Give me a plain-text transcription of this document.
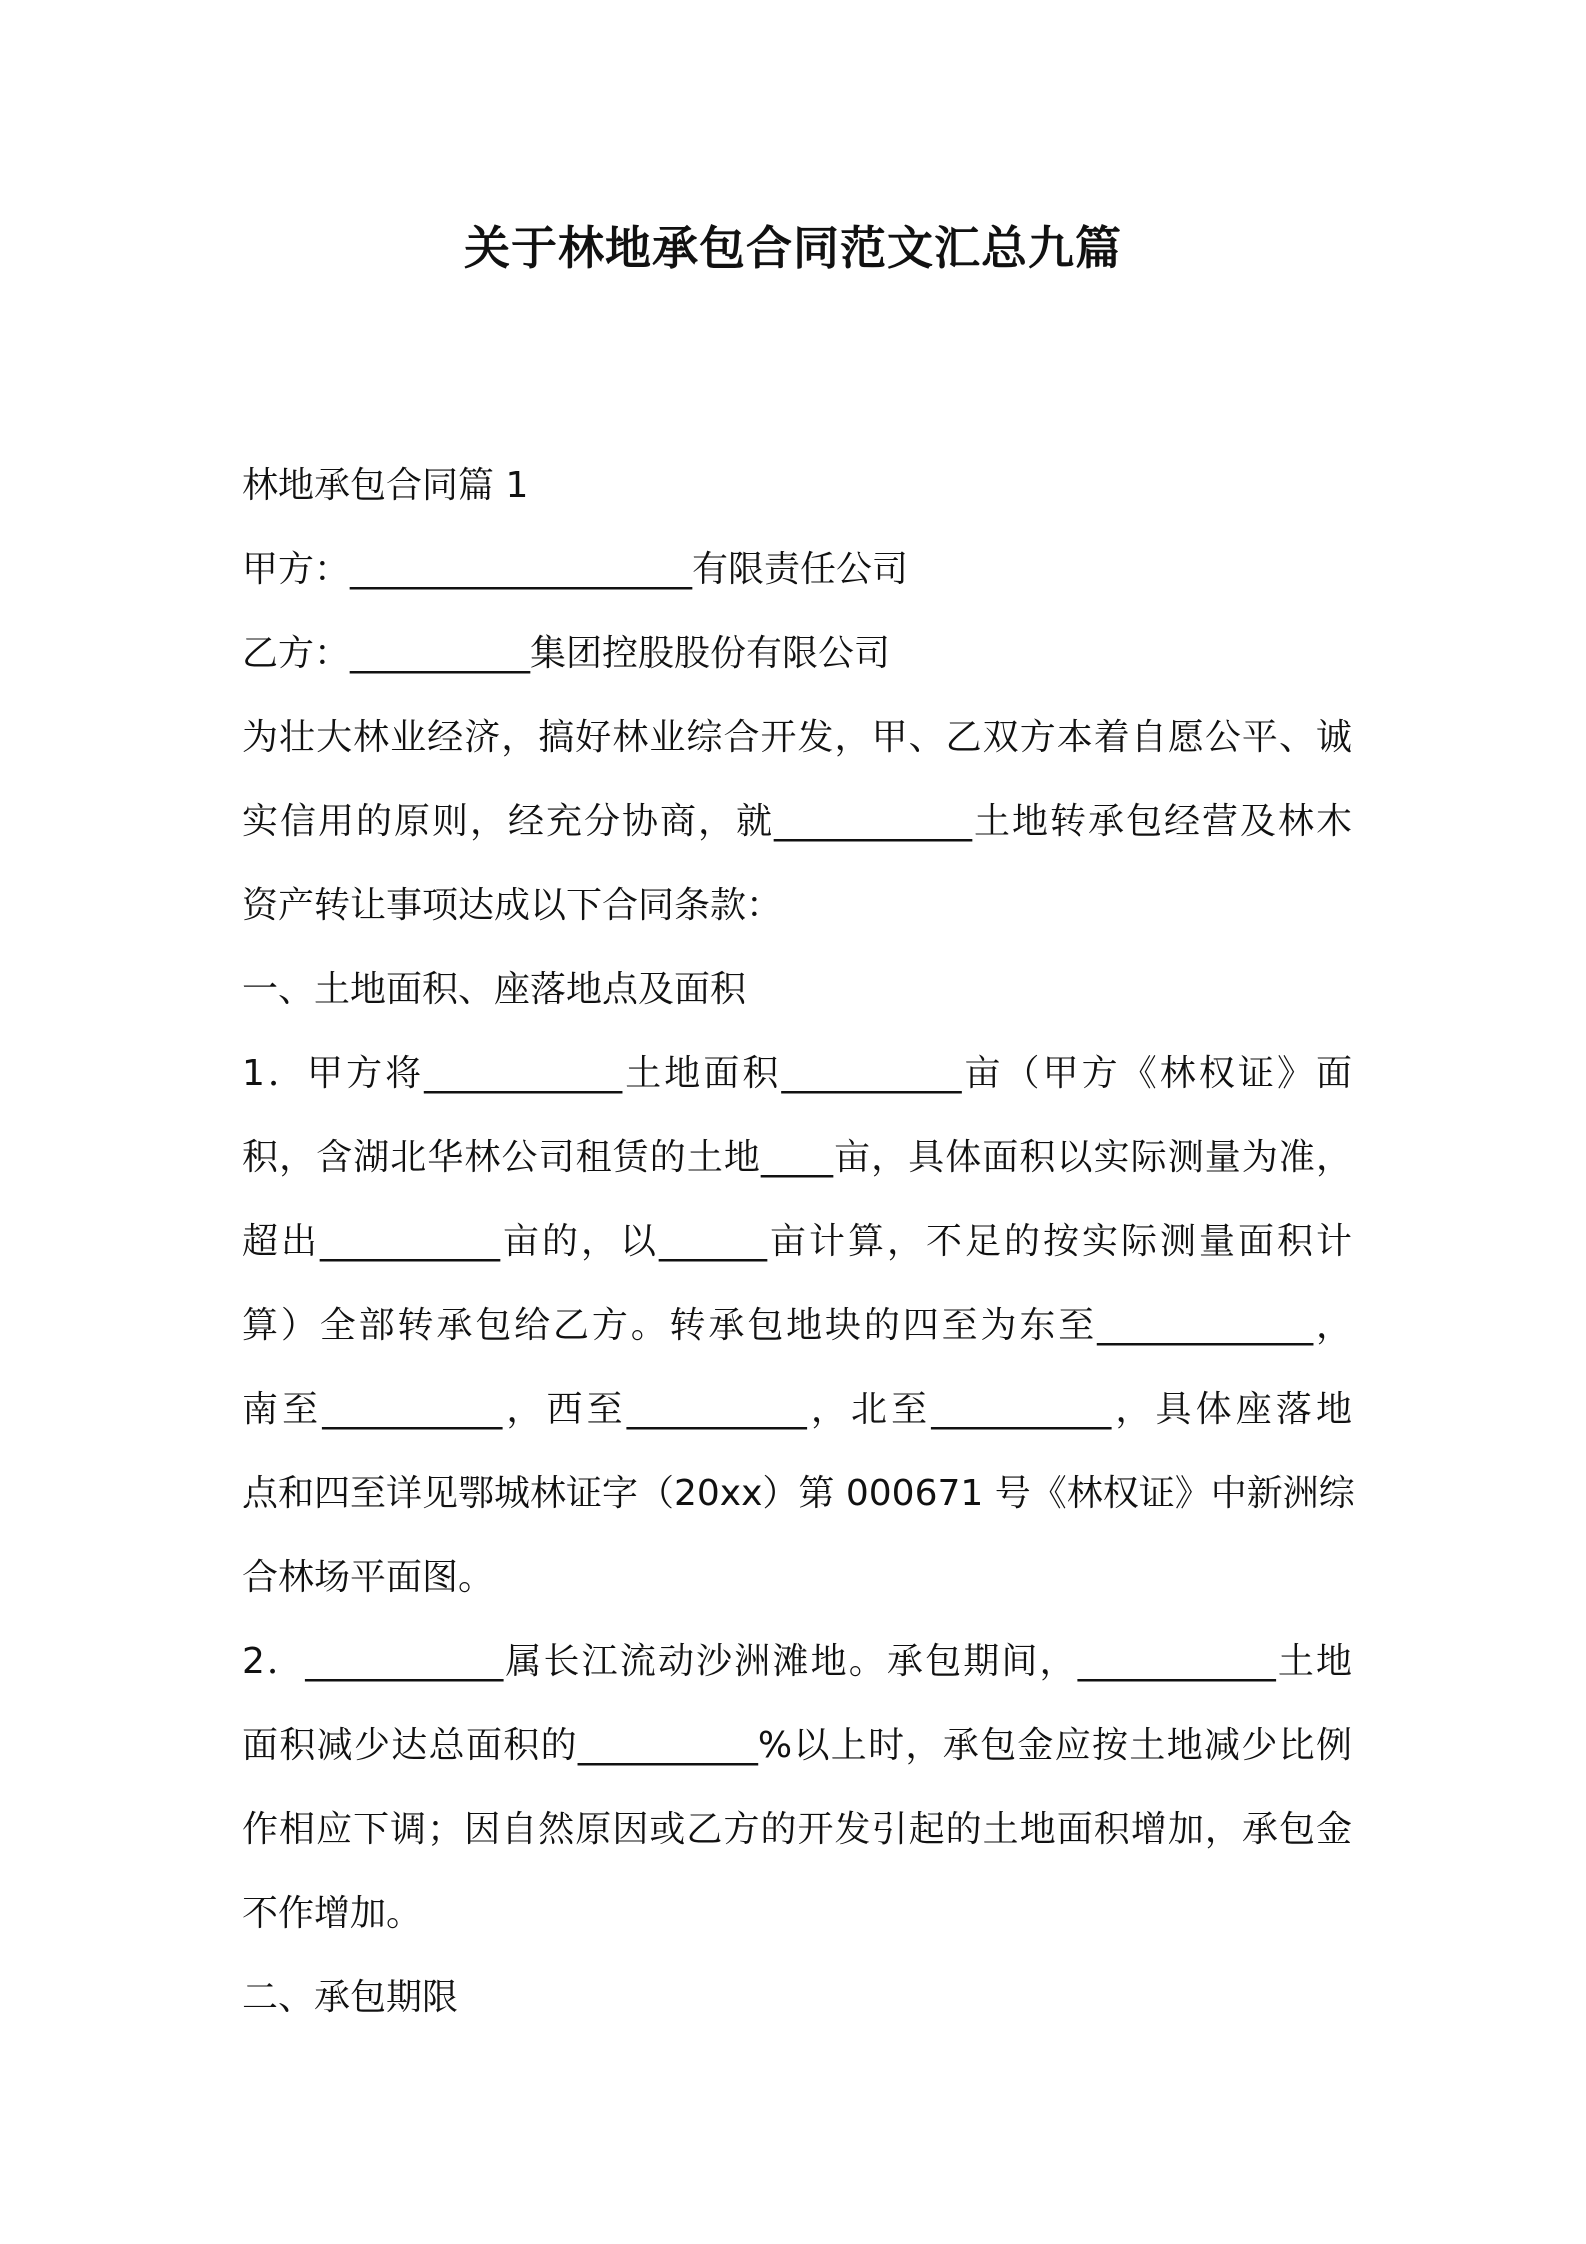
关于林地承包合同范文汇总九篇

林地承包合同篇 1

甲方：___________________有限责任公司

乙方：__________集团控股股份有限公司

为壮大林业经济，搞好林业综合开发，甲、乙双方本着自愿公平、诚

实信用的原则，经充分协商，就___________土地转承包经营及林木

资产转让事项达成以下合同条款：

一、土地面积、座落地点及面积

1．甲方将___________土地面积__________亩（甲方《林权证》面

积，含湖北华林公司租赁的土地____亩，具体面积以实际测量为准，

超出__________亩的，以______亩计算，不足的按实际测量面积计

算）全部转承包给乙方。转承包地块的四至为东至____________，

南至__________，西至__________，北至__________，具体座落地

点和四至详见鄂城林证字（20xx）第 000671 号《林权证》中新洲综

合林场平面图。

2．___________属长江流动沙洲滩地。承包期间，___________土地

面积减少达总面积的__________%以上时，承包金应按土地减少比例

作相应下调；因自然原因或乙方的开发引起的土地面积增加，承包金

不作增加。

二、承包期限
